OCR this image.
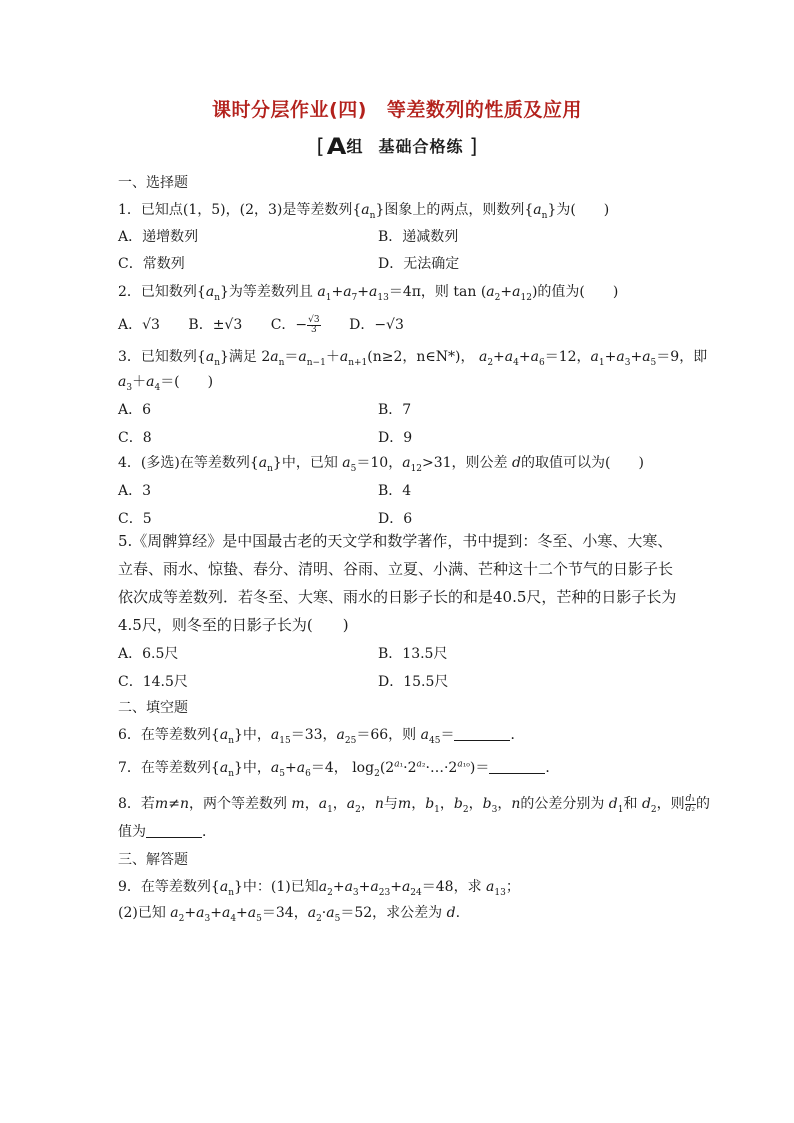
课时分层作业(四) 等差数列的性质及应用
[ A组 基础合格练 ]
一、选择题
1．已知点(1，5)，(2，3)是等差数列$\{a_n\}$图象上的两点，则数列$\{a_n\}$为(　　)
A．递增数列	B．递减数列
C．常数列	D．无法确定
2．已知数列$\{a_n\}$为等差数列且 $a_1+a_7+a_{13}=4\pi$，则 $\tan (a_2+a_{12})$的值为(　　)
A．√3 B．±√3 C．− $\frac{√3}{3}$ D．−√3
3．已知数列$\{a_n\}$满足 $2a_n=a_{n-1}+a_{n+1}(n\ge 2$，n∈N*)， $a_2+a_4+a_6=12$，$a_1+a_3+a_5=9$，即
$a_3+a_4=$(　　)
A．6	B．7
C．8	D．9
4．(多选)在等差数列$\{a_n\}$中，已知 $a_5=10$，$a_{12}>31$，则公差 d的取值可以为(　　)
A．3	B．4
C．5	D．6
5.《周髀算经》是中国最古老的天文学和数学著作，书中提到：冬至、小寒、大寒、立春、雨水、惊蛰、春分、清明、谷雨、立夏、小满、芒种这十二个节气的日影子长依次成等差数列．若冬至、大寒、雨水的日影子长的和是40.5尺，芒种的日影子长为4.5尺，则冬至的日影子长为(　　)
A．6.5尺	B．13.5尺
C．14.5尺	D．15.5尺
二、填空题
6．在等差数列$\{a_n\}$中，$a_{15}=33$，$a_{25}=66$，则 $a_{45}=$	．
7．在等差数列$\{a_n\}$中，$a_5+a_6=4$， $\log_2(2^{a_1}\cdot 2^{a_2}\cdot\dots\cdot 2^{a_{10}})=$	．
8．若m≠n，两个等差数列 m，$a_1$，$a_2$，n与m，$b_1$，$b_2$，$b_3$，n的公差分别为 $d_1$和 $d_2$，则 $\frac{\text{d₁}}{\text{d₂}}$ 的
值为	．
三、解答题
9．在等差数列$\{a_n\}$中：(1)已知$a_2+a_3+a_{23}+a_{24}=48$，求 $a_{13}$；
(2)已知 $a_2+a_3+a_4+a_5=34$，$a_2\cdot a_5=52$，求公差为 d.
